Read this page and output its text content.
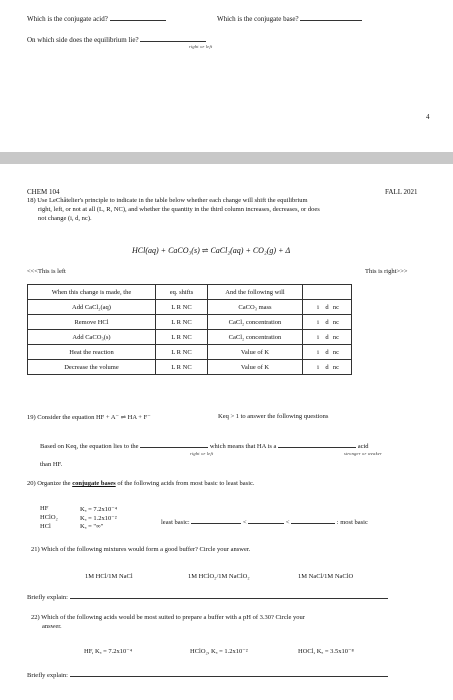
Which is the conjugate acid?	Which is the conjugate base?
On which side does the equilibrium lie?
right or left
4
CHEM 104	FALL 2021
18) Use LeChâtelier's principle to indicate in the table below whether each change will shift the equilibrium
right, left, or not at all (L, R, NC), and whether the quantity in the third column increases, decreases, or does
not change (i, d, nc).
HCl(aq) + CaCO₃(s) ⇌ CaCl₂(aq) + CO₂(g) + Δ
<<<This is left	This is right>>>
When this change is made, the	eq. shifts	And the following will	
Add CaCl₂(aq)	L R NC	CaCO₃ mass	i d nc
Remove HCl	L R NC	CaCl₂ concentration	i d nc
Add CaCO₃(s)	L R NC	CaCl₂ concentration	i d nc
Heat the reaction	L R NC	Value of K	i d nc
Decrease the volume	L R NC	Value of K	i d nc
19) Consider the equation HF + A⁻ ⇌ HA + F⁻	Keq > 1 to answer the following questions
Based on Keq, the equation lies to the	which means that HA is a	acid
right or left	stronger or weaker
than HF.
20) Organize the conjugate bases of the following acids from most basic to least basic.
HF	Kₐ = 7.2x10⁻⁴
HClO₂	Kₐ = 1.2x10⁻²
HCl	Kₐ = "∞"
least basic:	<	<	: most basic
21) Which of the following mixtures would form a good buffer? Circle your answer.
1M HCl/1M NaCl	1M HClO₂/1M NaClO₂	1M NaCl/1M NaClO
Briefly explain:
22) Which of the following acids would be most suited to prepare a buffer with a pH of 3.30? Circle your
answer.
HF, Kₐ = 7.2x10⁻⁴	HClO₂, Kₐ = 1.2x10⁻²	HOCl, Kₐ = 3.5x10⁻⁸
Briefly explain:
